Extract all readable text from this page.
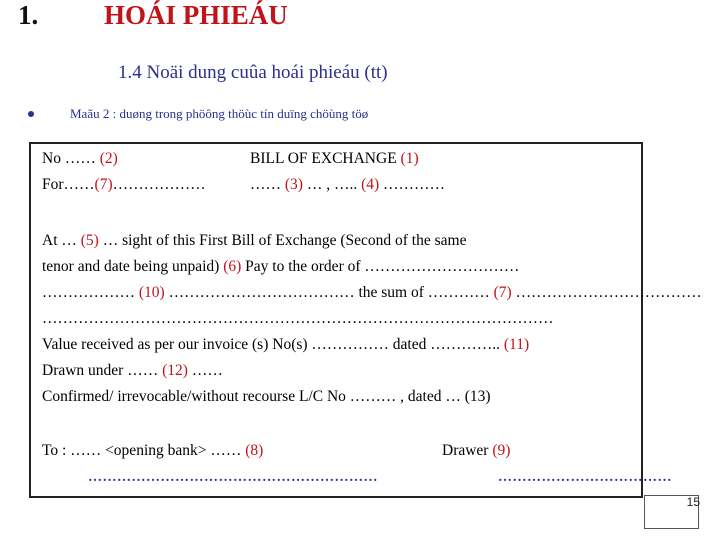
1. HOÁI PHIEÁU
1.4 Noäi dung cuûa hoái phieáu (tt)
Maãu 2 : duøng trong phöông thöùc tín duïng chöùng töø
No …… (2)	BILL OF EXCHANGE (1)
For……(7)………………	…… (3) … , ….. (4) …………
At … (5) … sight of this First Bill of Exchange (Second of the same
tenor and date being unpaid) (6) Pay to the order of …………………………
……………… (10) ……………………………… the sum of ………… (7) ………………………………
………………………………………………………………………………………
Value received as per our invoice (s) No(s) …………… dated ………….. (11)
Drawn under …… (12) ……
Confirmed/ irrevocable/without recourse L/C No ……… , dated … (13)
To : …… <opening bank> …… (8)	Drawer (9)
……………………………………………………	………………………………
15
